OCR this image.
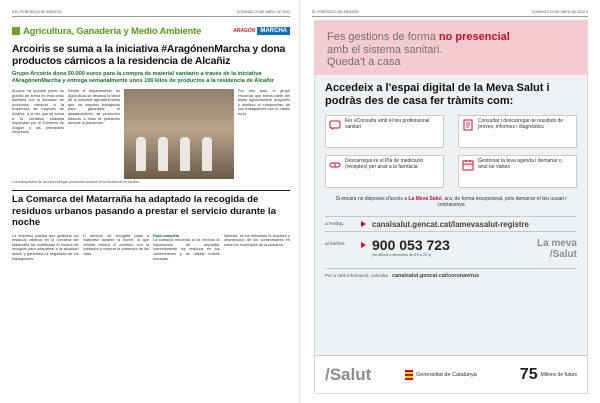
8 EL PERIÓDICO DE ARAGÓN	DOMINGO 24 DE ABRIL DE 2022
Agricultura, Ganadería y Medio Ambiente	ARAGÓN MARCHA
Arcoiris se suma a la iniciativa #AragónenMarcha y dona productos cárnicos a la residencia de Alcañiz
Grupo Arcoiris dona 50.000 euros para la compra de material sanitario a través de la iniciativa #AragónenMarcha y entrega semanalmente unos 100 kilos de productos a la residencia de Alcañiz
Arcoiris ha querido poner su granito de arena en esta crisis sanitaria con la donación de productos cárnicos a la residencia de mayores de Alcañiz, a la vez que se suma a la iniciativa solidaria impulsada por el Gobierno de Aragón y las principales empresas.
Desde el departamento de Agricultura se destaca la labor de la industria agroalimentaria que ha seguido trabajando para garantizar el abastecimiento de productos básicos a toda la población durante la pandemia.
Por otro lado, el grupo recuerda que forma parte del tejido agroindustrial aragonés y destaca el compromiso de sus trabajadores con el medio rural.
Los trabajadores de Arcoiris entregan productos cárnicos en la residencia de Alcañiz.
La Comarca del Matarraña ha adaptado la recogida de residuos urbanos pasando a prestar el servicio durante la noche
La empresa pública que gestiona los residuos urbanos en la comarca del Matarraña ha modificado el horario de recogida para adaptarse a la situación actual y garantizar la seguridad de los trabajadores.
El servicio de recogida pasa a realizarse durante la noche, lo que permite reducir el contacto con la población y mejorar la eficiencia de las rutas.
Ruta completa
La comarca recuerda a los vecinos la importancia de depositar correctamente los residuos en los contenedores y de utilizar bolsas cerradas.
Además, se ha reforzado la limpieza y desinfección de los contenedores en todos los municipios de la comarca.
EL PERIÓDICO DE ARAGÓN	DOMINGO 24 DE ABRIL DE 2022 9
Fes gestions de forma no presencial
amb el sistema sanitari.
Queda't a casa
Accedeix a l'espai digital de la Meva Salut i podràs des de casa fer tràmits com:
Fer eConsulta amb el teu professional sanitari
Consultar i descarregar-te resultats de proves, informes i diagnòstics
Descarregar-te el Pla de medicació (receptes) per anar a la farmàcia
Gestionar la teva agenda i demanar o anul·lar visites
Si encara no disposes d'accés a La Meva Salut, ara, de forma excepcional, pots demanar el teu usuari i contrasenya
a l'enllaç:	canalsalut.gencat.cat/lamevasalut-registre
al telèfon:	900 053 723
(de dilluns a divendres de 8 h a 20 h)
La meva /Salut
Per a més informació, consulta canalsalut.gencat.cat/coronavirus
/Salut	Generalitat de Catalunya	75 Milions de futurs
